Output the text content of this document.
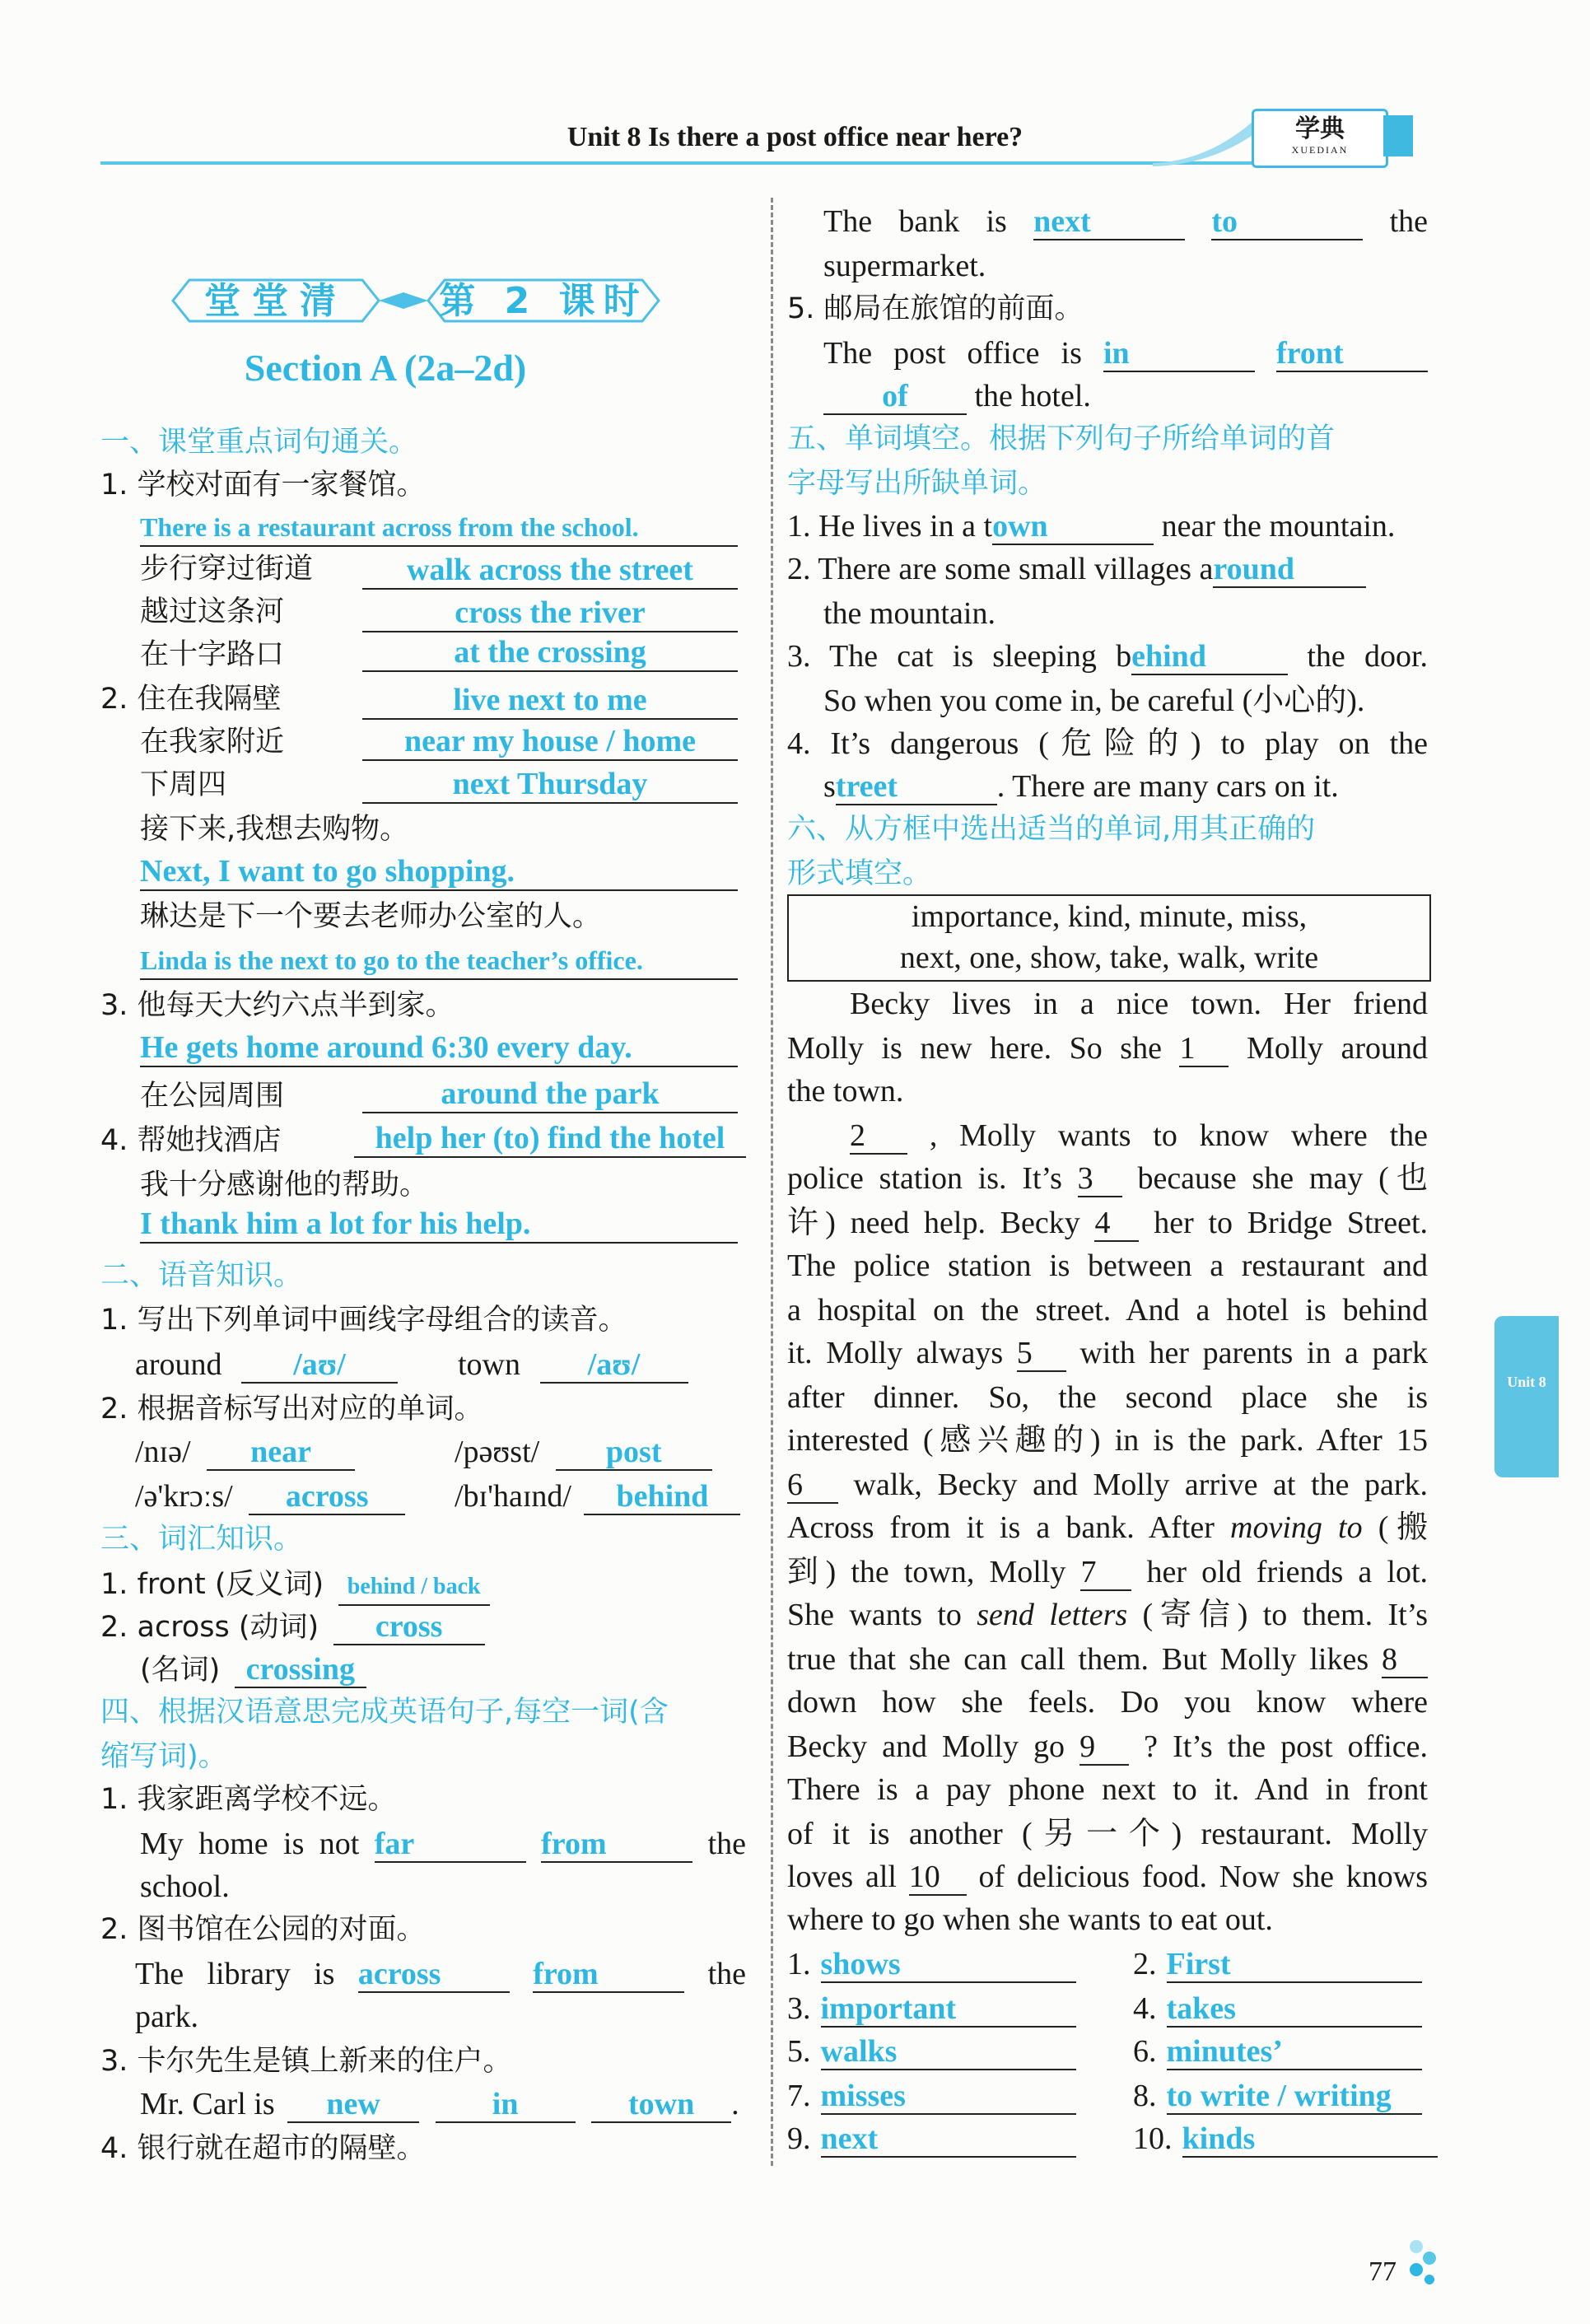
Unit 8 Is there a post office near here?	学典
XUEDIAN
堂堂清	第 2 课时
Section A (2a–2d)
一、课堂重点词句通关。
1. 学校对面有一家餐馆。
There is a restaurant across from the school.
步行穿过街道	walk across the street
越过这条河	cross the river
在十字路口	at the crossing
2. 住在我隔壁	live next to me
在我家附近	near my house / home
下周四	next Thursday
接下来,我想去购物。
Next, I want to go shopping.
琳达是下一个要去老师办公室的人。
Linda is the next to go to the teacher’s office.
3. 他每天大约六点半到家。
He gets home around 6:30 every day.
在公园周围	around the park
4. 帮她找酒店	help her (to) find the hotel
我十分感谢他的帮助。
I thank him a lot for his help.
二、语音知识。
1. 写出下列单词中画线字母组合的读音。
around /aʊ/	town /aʊ/
2. 根据音标写出对应的单词。
/nɪə/ near	/pəʊst/ post
/ə'krɔːs/ across	/bɪ'haɪnd/ behind
三、词汇知识。
1. front (反义词) behind / back
2. across (动词) cross
(名词) crossing
四、根据汉语意思完成英语句子,每空一词(含
缩写词)。
1. 我家距离学校不远。
My home is not far	from	the
school.
2. 图书馆在公园的对面。
The library is across	from	the
park.
3. 卡尔先生是镇上新来的住户。
Mr. Carl is new	in	town .
4. 银行就在超市的隔壁。
The bank is next	to	the
supermarket.
5. 邮局在旅馆的前面。
The post office is in	front
of the hotel.
五、单词填空。根据下列句子所给单词的首
字母写出所缺单词。
1. He lives in a town	near the mountain.
2. There are some small villages around
the mountain.
3. The cat is sleeping behind	the door.
So when you come in, be careful (小心的).
4. It’s dangerous (危险的) to play on the
street	. There are many cars on it.
六、从方框中选出适当的单词,用其正确的
形式填空。
importance, kind, minute, miss,
next, one, show, take, walk, write
Becky lives in a nice town. Her friend
Molly is new here. So she 1 Molly around
the town.
2 , Molly wants to know where the
police station is. It’s 3 because she may (也
许) need help. Becky 4 her to Bridge Street.
The police station is between a restaurant and
a hospital on the street. And a hotel is behind
it. Molly always 5 with her parents in a park
after dinner. So, the second place she is
interested (感兴趣的) in is the park. After 15
6 walk, Becky and Molly arrive at the park.
Across from it is a bank. After moving to (搬
到) the town, Molly 7 her old friends a lot.
She wants to send letters (寄信) to them. It’s
true that she can call them. But Molly likes 8
down how she feels. Do you know where
Becky and Molly go 9 ? It’s the post office.
There is a pay phone next to it. And in front
of it is another (另一个) restaurant. Molly
loves all 10 of delicious food. Now she knows
where to go when she wants to eat out.
1. shows	2. First
3. important	4. takes
5. walks	6. minutes’
7. misses	8. to write / writing
9. next	10. kinds
Unit 8
77
